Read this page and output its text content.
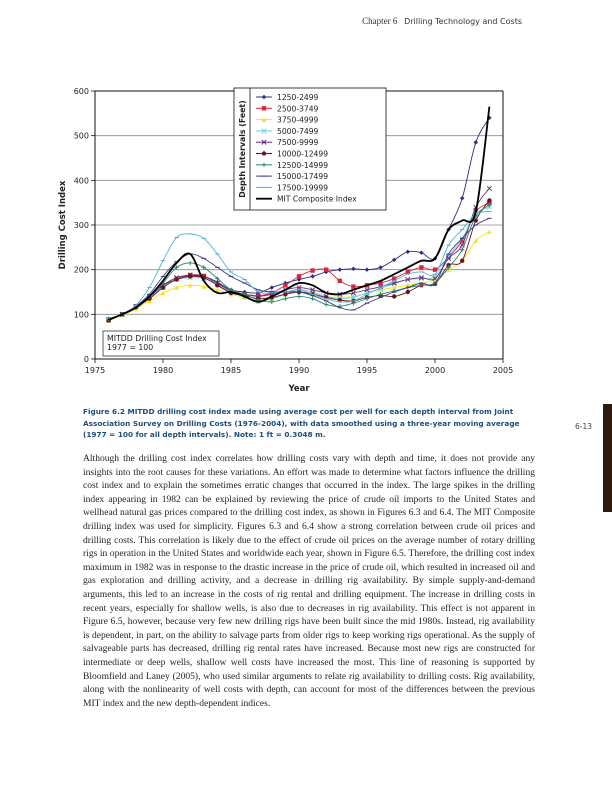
Chapter 6 Drilling Technology and Costs
0
100
200
300
400
500
600
1975	1980	1985	1990	1995	2000	2005
Year
Drilling Cost Index
Depth Intervals (Feet)
1250-2499
2500-3749
3750-4999
5000-7499
7500-9999
10000-12499
12500-14999
15000-17499
17500-19999
MIT Composite Index
MITDD Drilling Cost Index
1977 = 100
Figure 6.2 MITDD drilling cost index made using average cost per well for each depth interval from Joint Association Survey on Drilling Costs (1976-2004), with data smoothed using a three-year moving average (1977 = 100 for all depth intervals). Note: 1 ft = 0.3048 m.
6-13
Although the drilling cost index correlates how drilling costs vary with depth and time, it does not provide any insights into the root causes for these variations. An effort was made to determine what factors influence the drilling cost index and to explain the sometimes erratic changes that occurred in the index. The large spikes in the drilling index appearing in 1982 can be explained by reviewing the price of crude oil imports to the United States and wellhead natural gas prices compared to the drilling cost index, as shown in Figures 6.3 and 6.4. The MIT Composite drilling index was used for simplicity. Figures 6.3 and 6.4 show a strong correlation between crude oil prices and drilling costs. This correlation is likely due to the effect of crude oil prices on the average number of rotary drilling rigs in operation in the United States and worldwide each year, shown in Figure 6.5. Therefore, the drilling cost index maximum in 1982 was in response to the drastic increase in the price of crude oil, which resulted in increased oil and gas exploration and drilling activity, and a decrease in drilling rig availability. By simple supply-and-demand arguments, this led to an increase in the costs of rig rental and drilling equipment. The increase in drilling costs in recent years, especially for shallow wells, is also due to decreases in rig availability. This effect is not apparent in Figure 6.5, however, because very few new drilling rigs have been built since the mid 1980s. Instead, rig availability is dependent, in part, on the ability to salvage parts from older rigs to keep working rigs operational. As the supply of salvageable parts has decreased, drilling rig rental rates have increased. Because most new rigs are constructed for intermediate or deep wells, shallow well costs have increased the most. This line of reasoning is supported by Bloomfield and Laney (2005), who used similar arguments to relate rig availability to drilling costs. Rig availability, along with the nonlinearity of well costs with depth, can account for most of the differences between the previous MIT index and the new depth-dependent indices.
